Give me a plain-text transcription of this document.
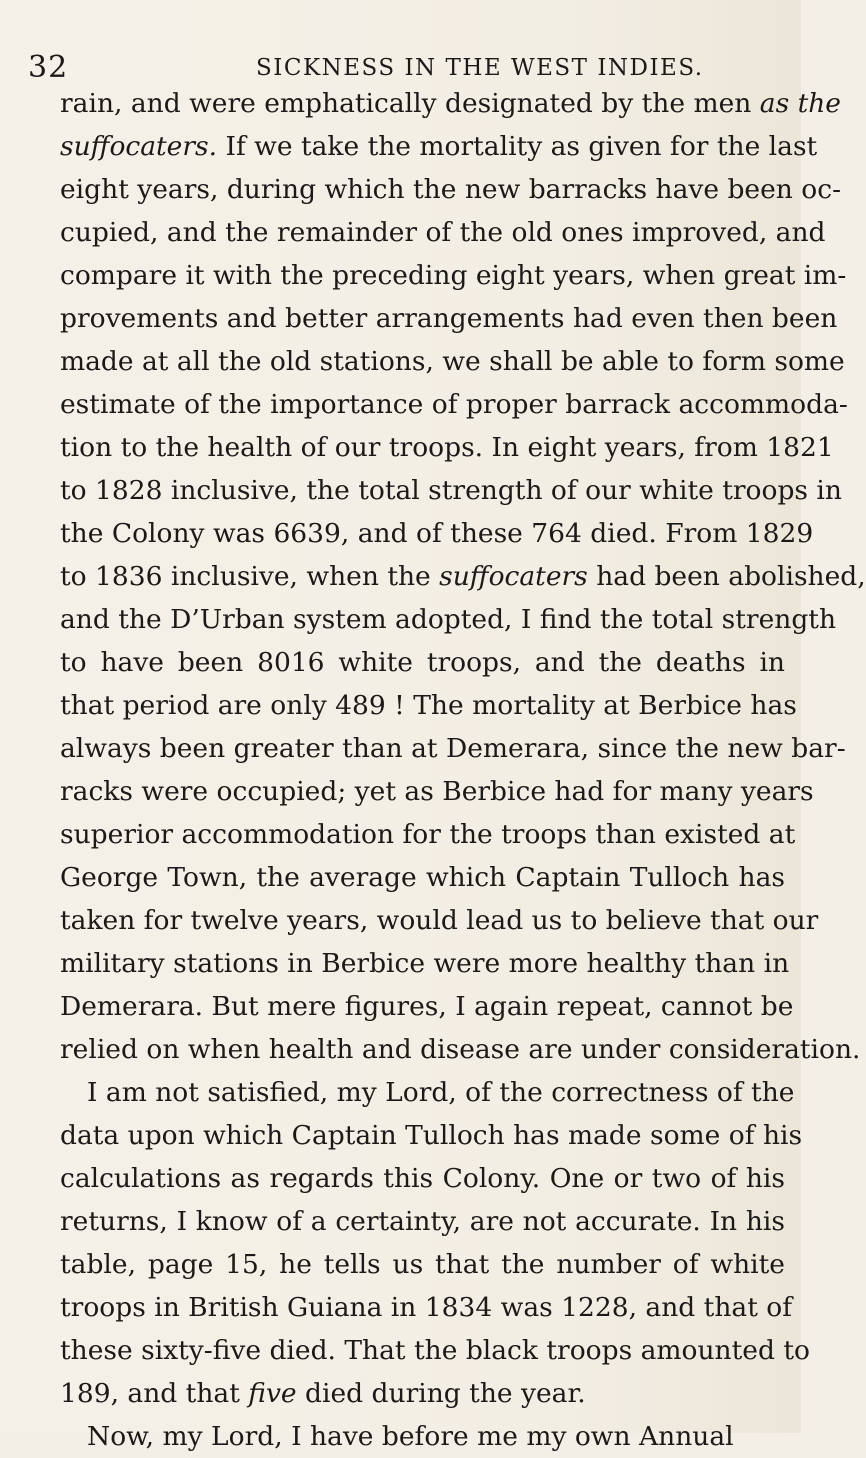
32	SICKNESS IN THE WEST INDIES.
rain, and were emphatically designated by the men as the
suffocaters. If we take the mortality as given for the last
eight years, during which the new barracks have been oc-
cupied, and the remainder of the old ones improved, and
compare it with the preceding eight years, when great im-
provements and better arrangements had even then been
made at all the old stations, we shall be able to form some
estimate of the importance of proper barrack accommoda-
tion to the health of our troops. In eight years, from 1821
to 1828 inclusive, the total strength of our white troops in
the Colony was 6639, and of these 764 died. From 1829
to 1836 inclusive, when the suffocaters had been abolished,
and the D’Urban system adopted, I find the total strength
to have been 8016 white troops, and the deaths in
that period are only 489 ! The mortality at Berbice has
always been greater than at Demerara, since the new bar-
racks were occupied; yet as Berbice had for many years
superior accommodation for the troops than existed at
George Town, the average which Captain Tulloch has
taken for twelve years, would lead us to believe that our
military stations in Berbice were more healthy than in
Demerara. But mere figures, I again repeat, cannot be
relied on when health and disease are under consideration.
I am not satisfied, my Lord, of the correctness of the
data upon which Captain Tulloch has made some of his
calculations as regards this Colony. One or two of his
returns, I know of a certainty, are not accurate. In his
table, page 15, he tells us that the number of white
troops in British Guiana in 1834 was 1228, and that of
these sixty-five died. That the black troops amounted to
189, and that five died during the year.
Now, my Lord, I have before me my own Annual
